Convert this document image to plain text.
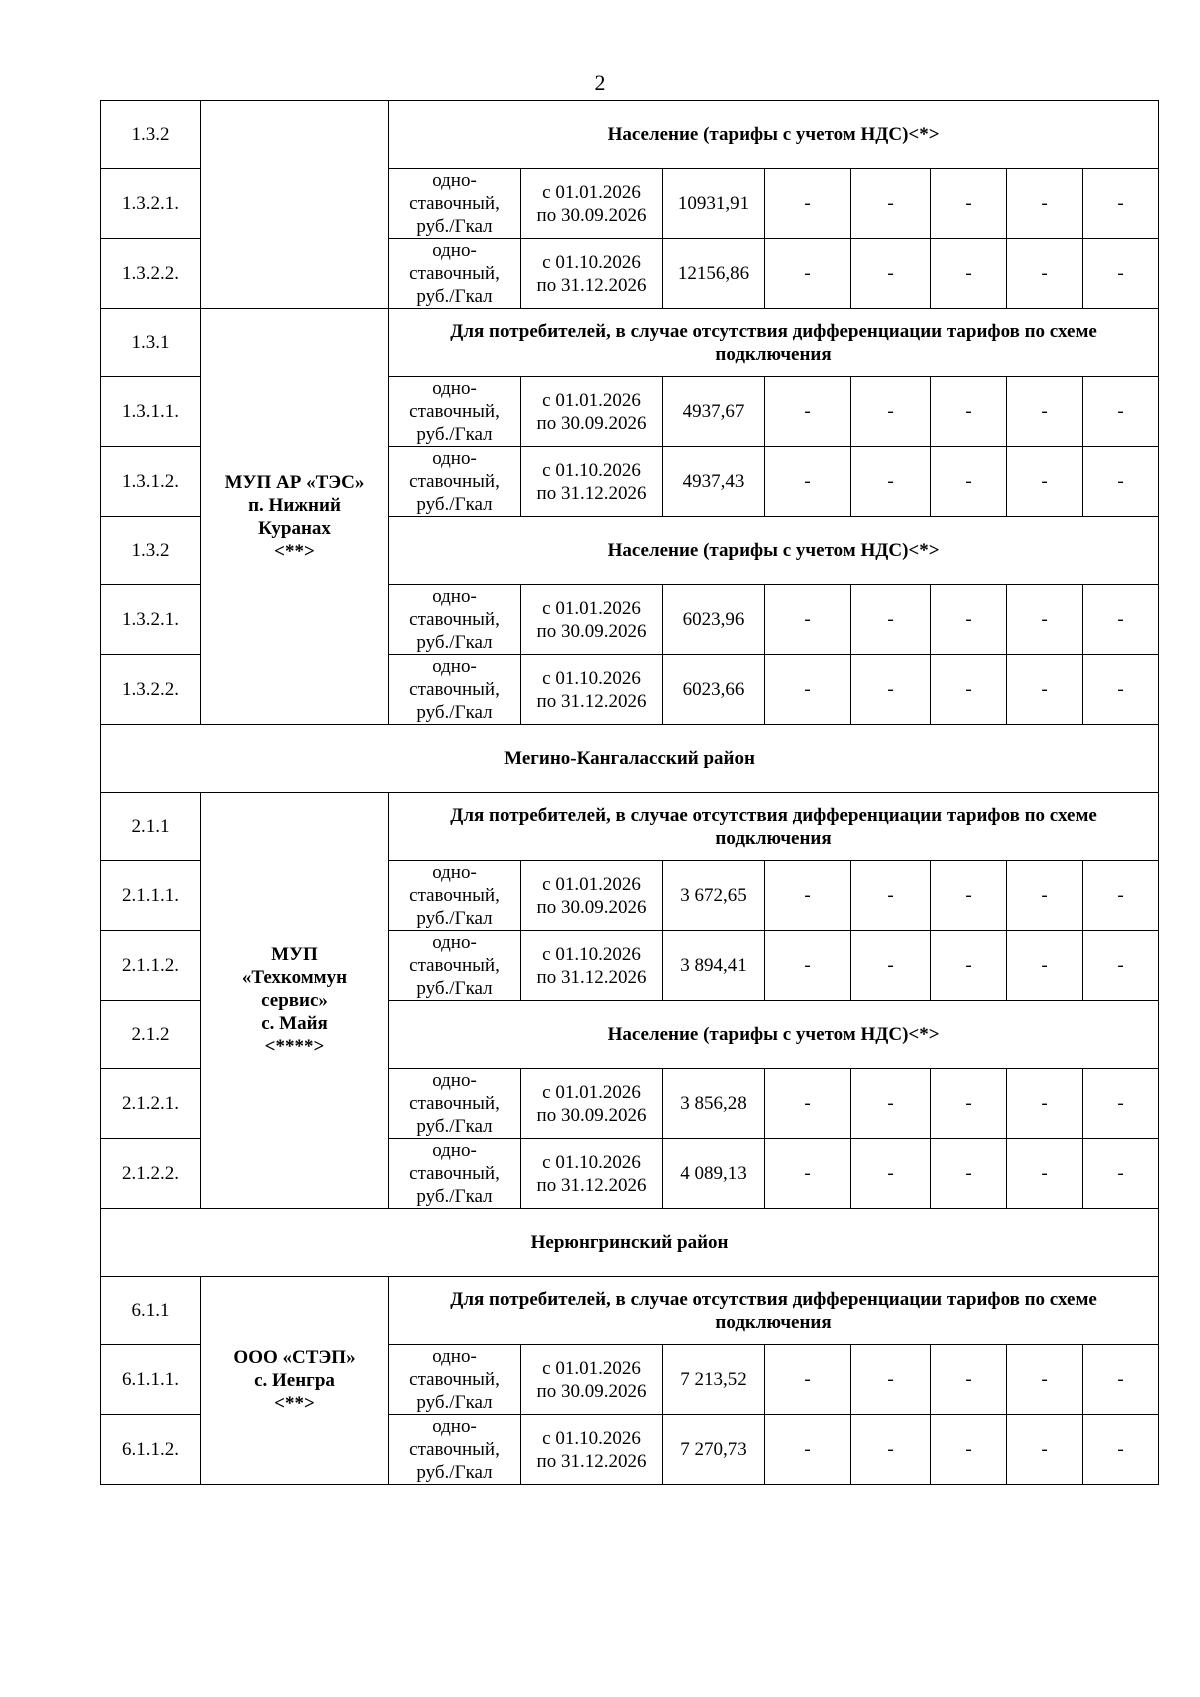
2
1.3.2		Население (тарифы с учетом НДС)<*>							
1.3.2.1.		одно-
ставочный,
руб./Гкал	с 01.01.2026
по 30.09.2026	10931,91	-	-	-	-	-
1.3.2.2.		одно-
ставочный,
руб./Гкал	с 01.10.2026
по 31.12.2026	12156,86	-	-	-	-	-
1.3.1	МУП АР «ТЭС»
п. Нижний
Куранах
<**>	Для потребителей, в случае отсутствия дифференциации тарифов по схеме подключения							
1.3.1.1.		одно-
ставочный,
руб./Гкал	с 01.01.2026
по 30.09.2026	4937,67	-	-	-	-	-
1.3.1.2.		одно-
ставочный,
руб./Гкал	с 01.10.2026
по 31.12.2026	4937,43	-	-	-	-	-
1.3.2		Население (тарифы с учетом НДС)<*>							
1.3.2.1.		одно-
ставочный,
руб./Гкал	с 01.01.2026
по 30.09.2026	6023,96	-	-	-	-	-
1.3.2.2.		одно-
ставочный,
руб./Гкал	с 01.10.2026
по 31.12.2026	6023,66	-	-	-	-	-
Мегино-Кангаласский район									
2.1.1	МУП
«Техкоммун
сервис»
с. Майя
<****>	Для потребителей, в случае отсутствия дифференциации тарифов по схеме подключения							
2.1.1.1.		одно-
ставочный,
руб./Гкал	с 01.01.2026
по 30.09.2026	3 672,65	-	-	-	-	-
2.1.1.2.		одно-
ставочный,
руб./Гкал	с 01.10.2026
по 31.12.2026	3 894,41	-	-	-	-	-
2.1.2		Население (тарифы с учетом НДС)<*>							
2.1.2.1.		одно-
ставочный,
руб./Гкал	с 01.01.2026
по 30.09.2026	3 856,28	-	-	-	-	-
2.1.2.2.		одно-
ставочный,
руб./Гкал	с 01.10.2026
по 31.12.2026	4 089,13	-	-	-	-	-
Нерюнгринский район									
6.1.1	ООО «СТЭП»
с. Иенгра
<**>	Для потребителей, в случае отсутствия дифференциации тарифов по схеме подключения							
6.1.1.1.		одно-
ставочный,
руб./Гкал	с 01.01.2026
по 30.09.2026	7 213,52	-	-	-	-	-
6.1.1.2.		одно-
ставочный,
руб./Гкал	с 01.10.2026
по 31.12.2026	7 270,73	-	-	-	-	-
